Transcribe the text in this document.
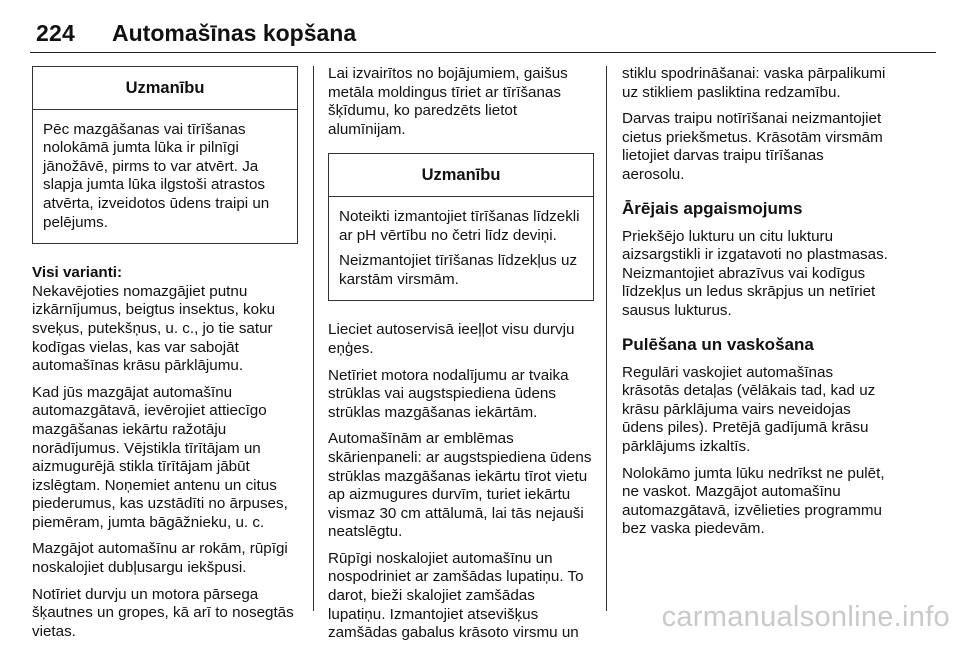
224 Automašīnas kopšana
Uzmanību

Pēc mazgāšanas vai tīrīšanas nolokāmā jumta lūka ir pilnīgi jānožāvē, pirms to var atvērt. Ja slapja jumta lūka ilgstoši atrastos atvērta, izveidotos ūdens traipi un pelējums.

Visi varianti:

Nekavējoties nomazgājiet putnu izkārnījumus, beigtus insektus, koku sveķus, putekšņus, u. c., jo tie satur kodīgas vielas, kas var sabojāt automašīnas krāsu pārklājumu.

Kad jūs mazgājat automašīnu automazgātavā, ievērojiet attiecīgo mazgāšanas iekārtu ražotāju norādījumus. Vējstikla tīrītājam un aizmugurējā stikla tīrītājam jābūt izslēgtam. Noņemiet antenu un citus piederumus, kas uzstādīti no ārpuses, piemēram, jumta bāgāžnieku, u. c.

Mazgājot automašīnu ar rokām, rūpīgi noskalojiet dubļusargu iekšpusi.

Notīriet durvju un motora pārsega šķautnes un gropes, kā arī to nosegtās vietas.

Lai izvairītos no bojājumiem, gaišus metāla moldingus tīriet ar tīrīšanas šķīdumu, ko paredzēts lietot alumīnijam.

Uzmanību

Noteikti izmantojiet tīrīšanas līdzekli ar pH vērtību no četri līdz deviņi.

Neizmantojiet tīrīšanas līdzekļus uz karstām virsmām.

Lieciet autoservisā ieeļļot visu durvju eņģes.

Netīriet motora nodalījumu ar tvaika strūklas vai augstspiediena ūdens strūklas mazgāšanas iekārtām.

Automašīnām ar emblēmas skārienpaneli: ar augstspiediena ūdens strūklas mazgāšanas iekārtu tīrot vietu ap aizmugures durvīm, turiet iekārtu vismaz 30 cm attālumā, lai tās nejauši neatslēgtu.

Rūpīgi noskalojiet automašīnu un nospodriniet ar zamšādas lupatiņu. To darot, bieži skalojiet zamšādas lupatiņu. Izmantojiet atsevišķus zamšādas gabalus krāsoto virsmu un

stiklu spodrināšanai: vaska pārpalikumi uz stikliem pasliktina redzamību.

Darvas traipu notīrīšanai neizmantojiet cietus priekšmetus. Krāsotām virsmām lietojiet darvas traipu tīrīšanas aerosolu.

Ārējais apgaismojums

Priekšējo lukturu un citu lukturu aizsargstikli ir izgatavoti no plastmasas. Neizmantojiet abrazīvus vai kodīgus līdzekļus un ledus skrāpjus un netīriet sausus lukturus.

Pulēšana un vaskošana

Regulāri vaskojiet automašīnas krāsotās detaļas (vēlākais tad, kad uz krāsu pārklājuma vairs neveidojas ūdens piles). Pretējā gadījumā krāsu pārklājums izkaltīs.

Nolokāmo jumta lūku nedrīkst ne pulēt, ne vaskot. Mazgājot automašīnu automazgātavā, izvēlieties programmu bez vaska piedevām.

carmanualsonline.info
